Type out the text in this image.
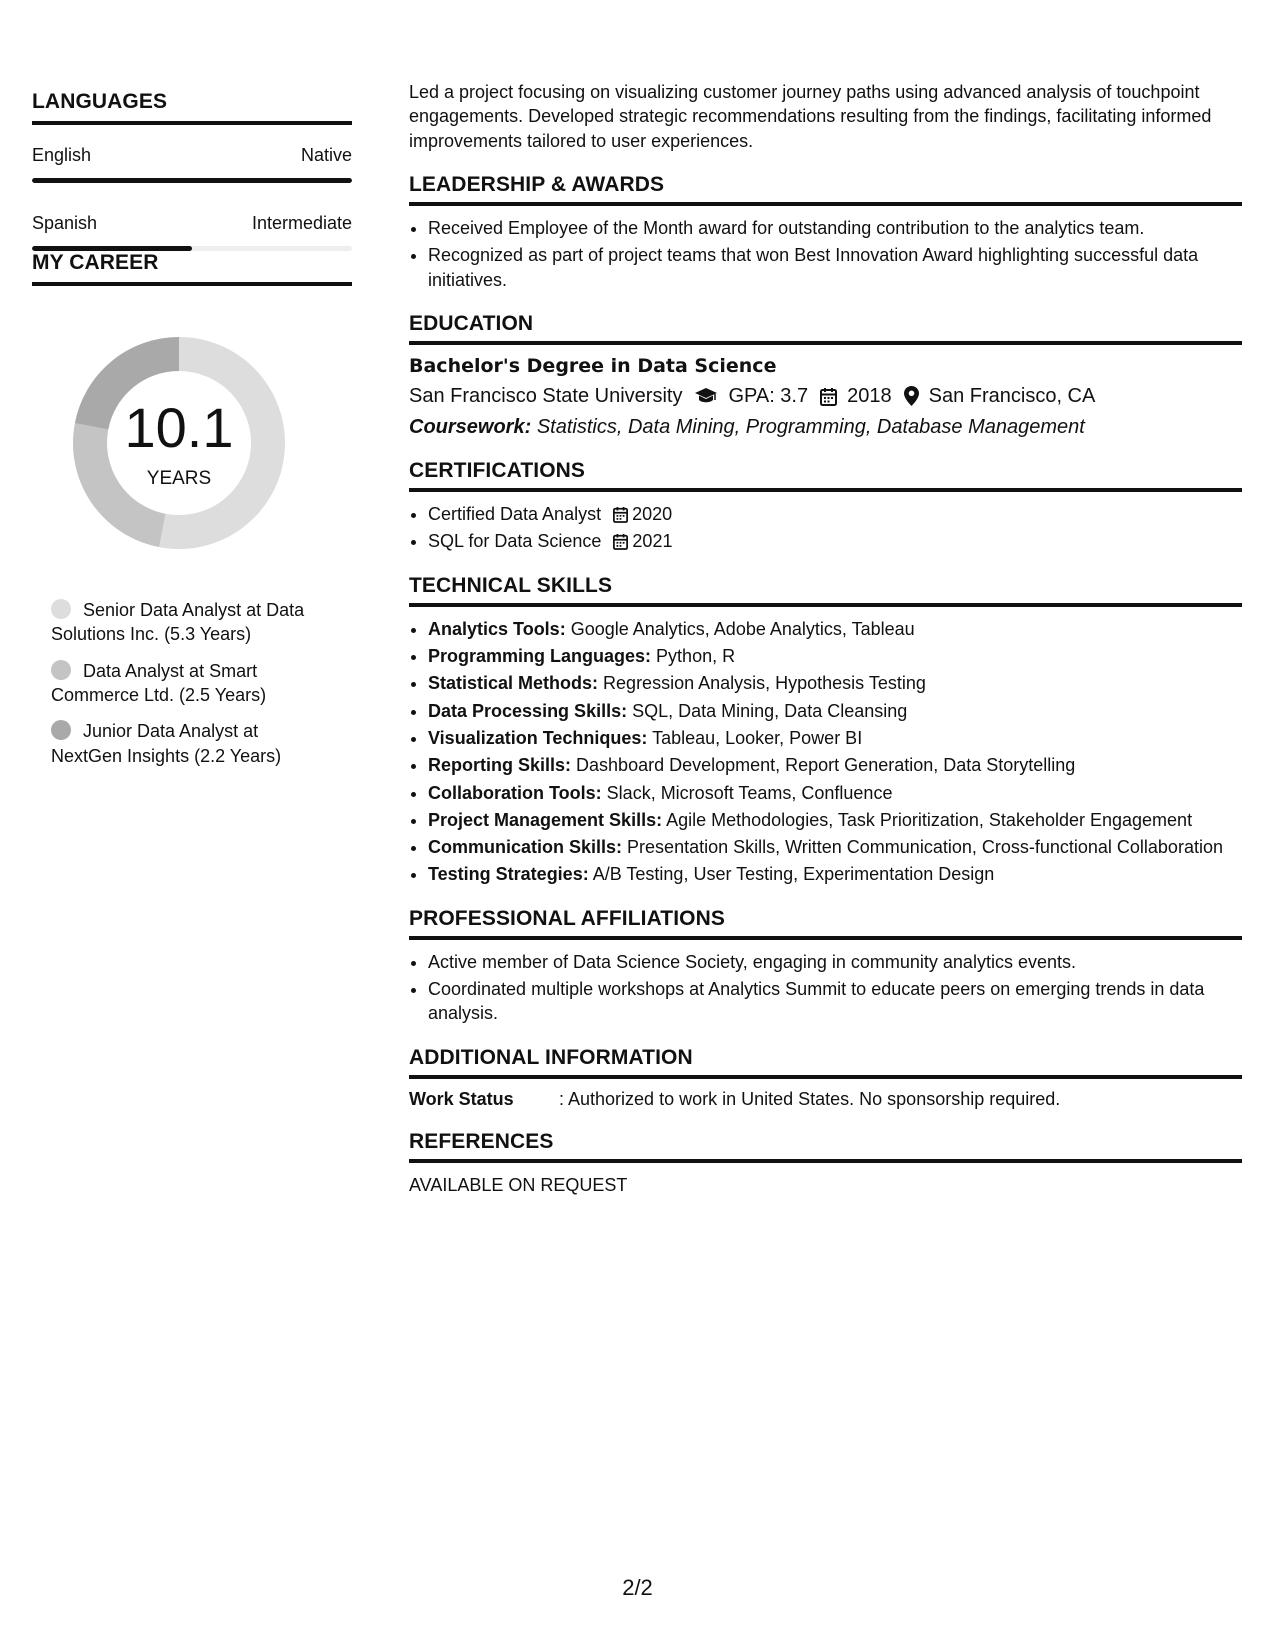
LANGUAGES
English	Native
Spanish	Intermediate
MY CAREER
10.1
YEARS
Senior Data Analyst at Data Solutions Inc. (5.3 Years)
Data Analyst at Smart Commerce Ltd. (2.5 Years)
Junior Data Analyst at NextGen Insights (2.2 Years)

Led a project focusing on visualizing customer journey paths using advanced analysis of touchpoint engagements. Developed strategic recommendations resulting from the findings, facilitating informed improvements tailored to user experiences.

LEADERSHIP & AWARDS
• Received Employee of the Month award for outstanding contribution to the analytics team.
• Recognized as part of project teams that won Best Innovation Award highlighting successful data initiatives.
EDUCATION
Bachelor's Degree in Data Science
San Francisco State University GPA: 3.7 2018 San Francisco, CA
Coursework: Statistics, Data Mining, Programming, Database Management
CERTIFICATIONS
• Certified Data Analyst 2020
• SQL for Data Science 2021
TECHNICAL SKILLS
• Analytics Tools: Google Analytics, Adobe Analytics, Tableau
• Programming Languages: Python, R
• Statistical Methods: Regression Analysis, Hypothesis Testing
• Data Processing Skills: SQL, Data Mining, Data Cleansing
• Visualization Techniques: Tableau, Looker, Power BI
• Reporting Skills: Dashboard Development, Report Generation, Data Storytelling
• Collaboration Tools: Slack, Microsoft Teams, Confluence
• Project Management Skills: Agile Methodologies, Task Prioritization, Stakeholder Engagement
• Communication Skills: Presentation Skills, Written Communication, Cross-functional Collaboration
• Testing Strategies: A/B Testing, User Testing, Experimentation Design
PROFESSIONAL AFFILIATIONS
• Active member of Data Science Society, engaging in community analytics events.
• Coordinated multiple workshops at Analytics Summit to educate peers on emerging trends in data analysis.
ADDITIONAL INFORMATION
Work Status	: Authorized to work in United States. No sponsorship required.
REFERENCES
AVAILABLE ON REQUEST
2/2
